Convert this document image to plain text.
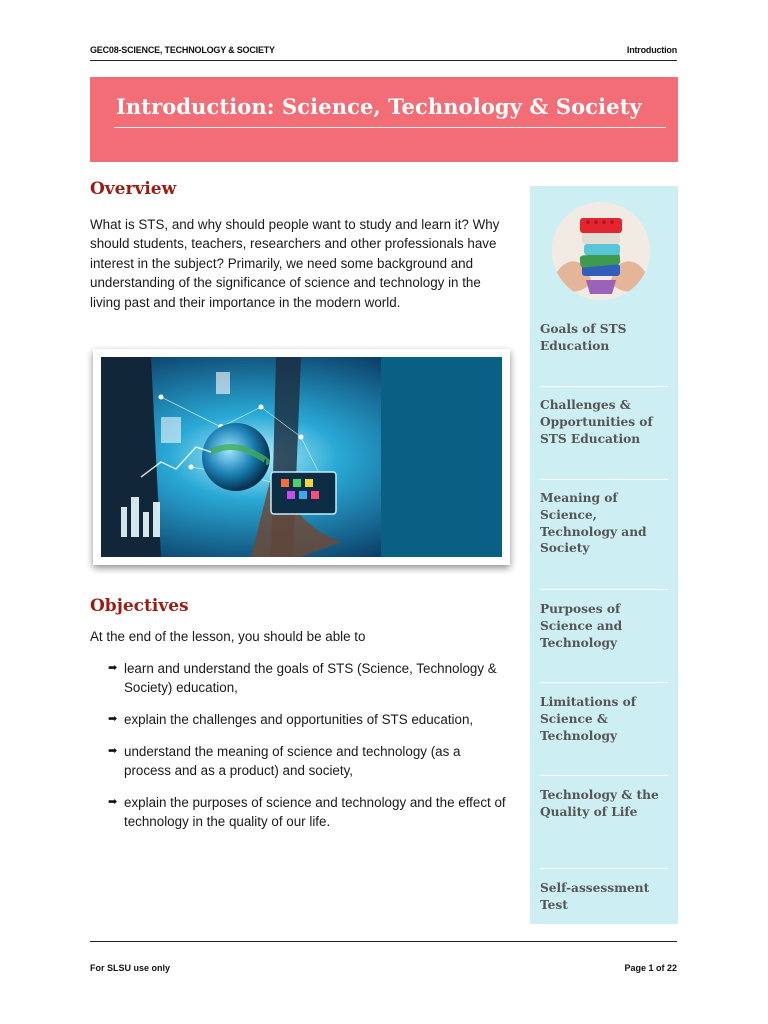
GEC08-SCIENCE, TECHNOLOGY & SOCIETY	Introduction
Introduction: Science, Technology & Society
Overview

What is STS, and why should people want to study and learn it? Why should students, teachers, researchers and other professionals have interest in the subject? Primarily, we need some background and understanding of the significance of science and technology in the living past and their importance in the modern world.

Objectives

At the end of the lesson, you should be able to

➡ learn and understand the goals of STS (Science, Technology & Society) education,
➡ explain the challenges and opportunities of STS education,
➡ understand the meaning of science and technology (as a process and as a product) and society,
➡ explain the purposes of science and technology and the effect of technology in the quality of our life.
Goals of STS Education
Challenges & Opportunities of STS Education
Meaning of Science, Technology and Society
Purposes of Science and Technology
Limitations of Science & Technology
Technology & the Quality of Life
Self-assessment Test
For SLSU use only	Page 1 of 22
